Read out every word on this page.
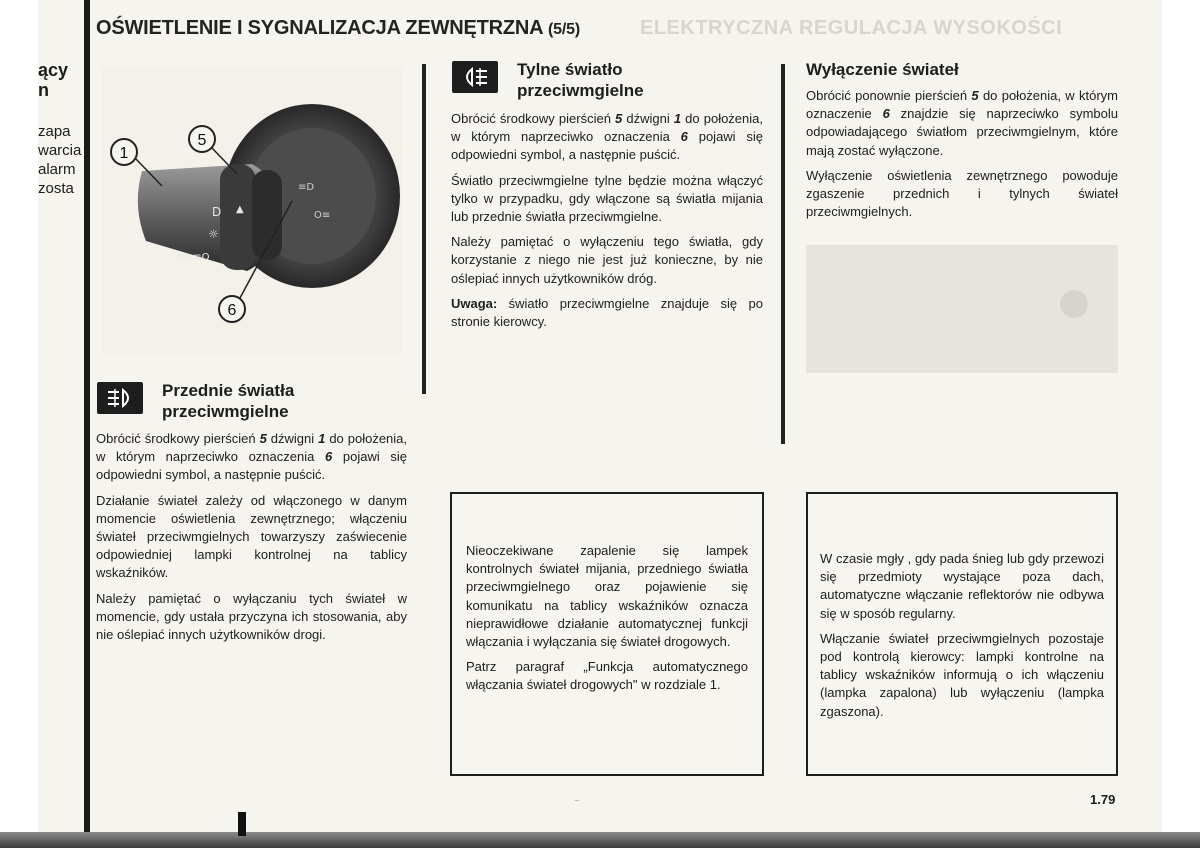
ący
n
zapa
warcia
alarm
zosta
ELEKTRYCZNA REGULACJA WYSOKOŚCI
OŚWIETLENIE I SYGNALIZACJA ZEWNĘTRZNA (5/5)
D
☼
≡D ≡O
▲
≡D
O≡
1
5
6
Przednie światła
przeciwmgielne

Obrócić środkowy pierścień 5 dźwigni 1 do położenia, w którym naprzeciwko oznaczenia 6 pojawi się odpowiedni symbol, a następnie puścić.

Działanie świateł zależy od włączonego w danym momencie oświetlenia zewnętrznego; włączeniu świateł przeciwmgielnych towarzyszy zaświecenie odpowiedniej lampki kontrolnej na tablicy wskaźników.

Należy pamiętać o wyłączaniu tych świateł w momencie, gdy ustała przyczyna ich stosowania, aby nie oślepiać innych użytkowników drogi.

Tylne światło
przeciwmgielne

Obrócić środkowy pierścień 5 dźwigni 1 do położenia, w którym naprzeciwko oznaczenia 6 pojawi się odpowiedni symbol, a następnie puścić.

Światło przeciwmgielne tylne będzie można włączyć tylko w przypadku, gdy włączone są światła mijania lub przednie światła przeciwmgielne.

Należy pamiętać o wyłączeniu tego światła, gdy korzystanie z niego nie jest już konieczne, by nie oślepiać innych użytkowników dróg.

Uwaga: światło przeciwmgielne znajduje się po stronie kierowcy.

Nieoczekiwane zapalenie się lampek kontrolnych świateł mijania, przedniego światła przeciwmgielnego oraz pojawienie się komunikatu na tablicy wskaźników oznacza nieprawidłowe działanie automatycznej funkcji włączania i wyłączania się świateł drogowych.

Patrz paragraf „Funkcja automatycznego włączania świateł drogowych" w rozdziale 1.

Wyłączenie świateł

Obrócić ponownie pierścień 5 do położenia, w którym oznaczenie 6 znajdzie się naprzeciwko symbolu odpowiadającego światłom przeciwmgielnym, które mają zostać wyłączone.

Wyłączenie oświetlenia zewnętrznego powoduje zgaszenie przednich i tylnych świateł przeciwmgielnych.

W czasie mgły , gdy pada śnieg lub gdy przewozi się przedmioty wystające poza dach, automatyczne włączanie reflektorów nie odbywa się w sposób regularny.

Włączanie świateł przeciwmgielnych pozostaje pod kontrolą kierowcy: lampki kontrolne na tablicy wskaźników informują o ich włączeniu (lampka zapalona) lub wyłączeniu (lampka zgaszona).

~	1.79
